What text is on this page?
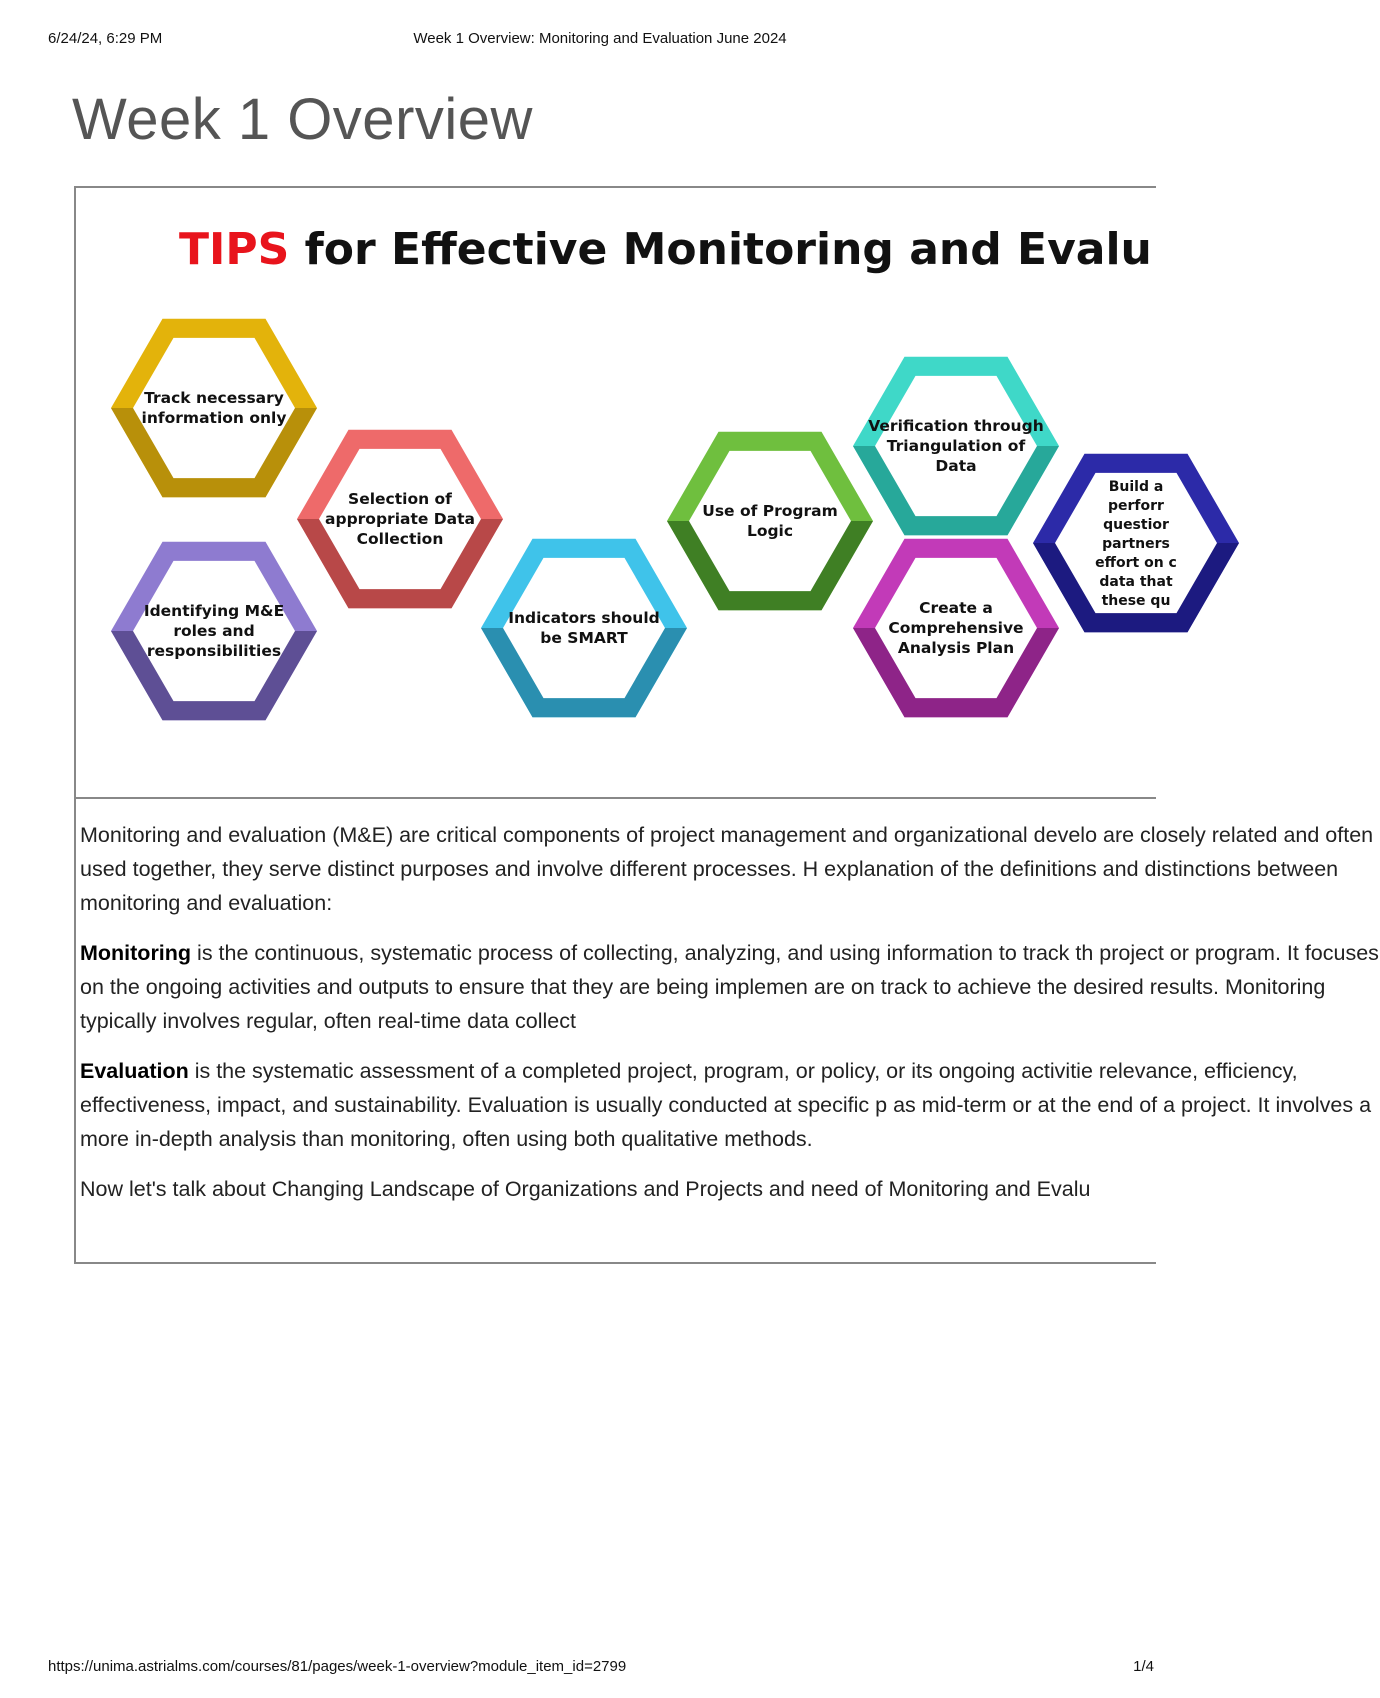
6/24/24, 6:29 PM	Week 1 Overview: Monitoring and Evaluation June 2024
Week 1 Overview
TIPS for Effective Monitoring and Evalu
Track necessary
information only
Identifying M&E
roles and
responsibilities
Selection of
appropriate Data
Collection
Indicators should
be SMART
Use of Program
Logic
Verification through
Triangulation of
Data
Create a
Comprehensive
Analysis Plan
Build a
perforr
questior
partners
effort on c
data that
these qu

Monitoring and evaluation (M&E) are critical components of project management and organizational develo are closely related and often used together, they serve distinct purposes and involve different processes. H explanation of the definitions and distinctions between monitoring and evaluation:

Monitoring is the continuous, systematic process of collecting, analyzing, and using information to track th project or program. It focuses on the ongoing activities and outputs to ensure that they are being implemen are on track to achieve the desired results. Monitoring typically involves regular, often real-time data collect

Evaluation is the systematic assessment of a completed project, program, or policy, or its ongoing activitie relevance, efficiency, effectiveness, impact, and sustainability. Evaluation is usually conducted at specific p as mid-term or at the end of a project. It involves a more in-depth analysis than monitoring, often using both qualitative methods.

Now let's talk about Changing Landscape of Organizations and Projects and need of Monitoring and Evalu

https://unima.astrialms.com/courses/81/pages/week-1-overview?module_item_id=2799	1/4
